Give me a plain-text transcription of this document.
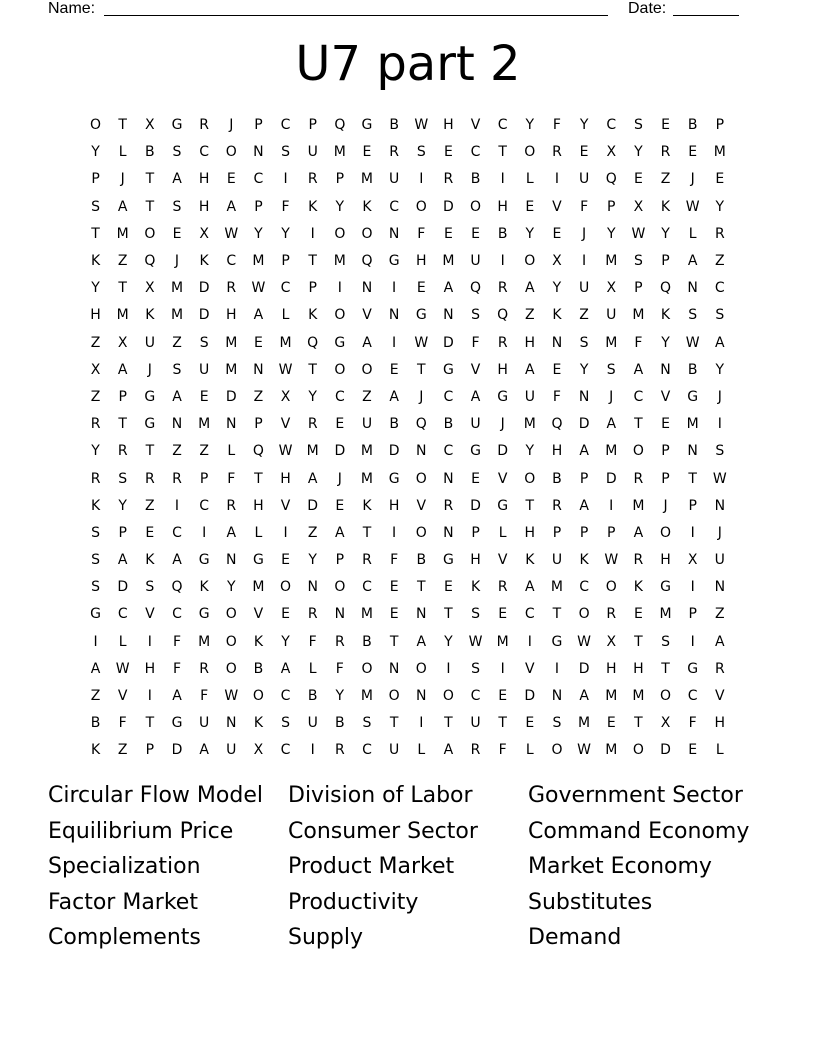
Name:	Date:
U7 part 2
O	T	X	G	R	J	P	C	P	Q	G	B	W	H	V	C	Y	F	Y	C	S	E	B	P
Y	L	B	S	C	O	N	S	U	M	E	R	S	E	C	T	O	R	E	X	Y	R	E	M
P	J	T	A	H	E	C	I	R	P	M	U	I	R	B	I	L	I	U	Q	E	Z	J	E
S	A	T	S	H	A	P	F	K	Y	K	C	O	D	O	H	E	V	F	P	X	K	W	Y
T	M	O	E	X	W	Y	Y	I	O	O	N	F	E	E	B	Y	E	J	Y	W	Y	L	R
K	Z	Q	J	K	C	M	P	T	M	Q	G	H	M	U	I	O	X	I	M	S	P	A	Z
Y	T	X	M	D	R	W	C	P	I	N	I	E	A	Q	R	A	Y	U	X	P	Q	N	C
H	M	K	M	D	H	A	L	K	O	V	N	G	N	S	Q	Z	K	Z	U	M	K	S	S
Z	X	U	Z	S	M	E	M	Q	G	A	I	W	D	F	R	H	N	S	M	F	Y	W	A
X	A	J	S	U	M	N	W	T	O	O	E	T	G	V	H	A	E	Y	S	A	N	B	Y
Z	P	G	A	E	D	Z	X	Y	C	Z	A	J	C	A	G	U	F	N	J	C	V	G	J
R	T	G	N	M	N	P	V	R	E	U	B	Q	B	U	J	M	Q	D	A	T	E	M	I
Y	R	T	Z	Z	L	Q	W	M	D	M	D	N	C	G	D	Y	H	A	M	O	P	N	S
R	S	R	R	P	F	T	H	A	J	M	G	O	N	E	V	O	B	P	D	R	P	T	W
K	Y	Z	I	C	R	H	V	D	E	K	H	V	R	D	G	T	R	A	I	M	J	P	N
S	P	E	C	I	A	L	I	Z	A	T	I	O	N	P	L	H	P	P	P	A	O	I	J
S	A	K	A	G	N	G	E	Y	P	R	F	B	G	H	V	K	U	K	W	R	H	X	U
S	D	S	Q	K	Y	M	O	N	O	C	E	T	E	K	R	A	M	C	O	K	G	I	N
G	C	V	C	G	O	V	E	R	N	M	E	N	T	S	E	C	T	O	R	E	M	P	Z
I	L	I	F	M	O	K	Y	F	R	B	T	A	Y	W	M	I	G	W	X	T	S	I	A
A	W	H	F	R	O	B	A	L	F	O	N	O	I	S	I	V	I	D	H	H	T	G	R
Z	V	I	A	F	W	O	C	B	Y	M	O	N	O	C	E	D	N	A	M	M	O	C	V
B	F	T	G	U	N	K	S	U	B	S	T	I	T	U	T	E	S	M	E	T	X	F	H
K	Z	P	D	A	U	X	C	I	R	C	U	L	A	R	F	L	O	W	M	O	D	E	L
Circular Flow Model	Division of Labor	Government Sector
Equilibrium Price	Consumer Sector	Command Economy
Specialization	Product Market	Market Economy
Factor Market	Productivity	Substitutes
Complements	Supply	Demand
